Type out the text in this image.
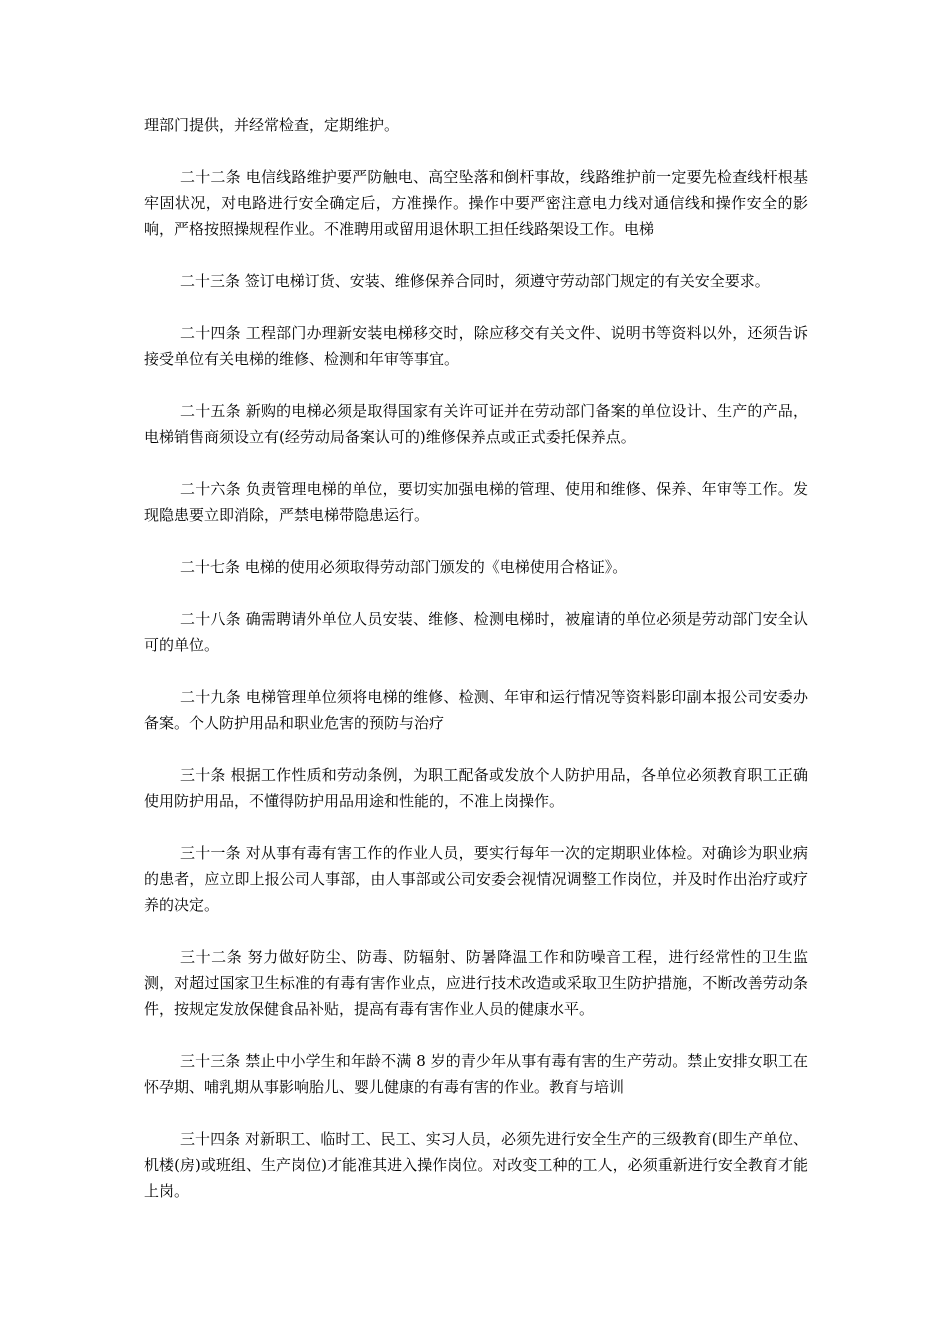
理部门提供，并经常检查，定期维护。

二十二条 电信线路维护要严防触电、高空坠落和倒杆事故，线路维护前一定要先检查线杆根基牢固状况，对电路进行安全确定后，方准操作。操作中要严密注意电力线对通信线和操作安全的影响，严格按照操规程作业。不准聘用或留用退休职工担任线路架设工作。电梯

二十三条 签订电梯订货、安装、维修保养合同时，须遵守劳动部门规定的有关安全要求。

二十四条 工程部门办理新安装电梯移交时，除应移交有关文件、说明书等资料以外，还须告诉接受单位有关电梯的维修、检测和年审等事宜。

二十五条 新购的电梯必须是取得国家有关许可证并在劳动部门备案的单位设计、生产的产品，电梯销售商须设立有(经劳动局备案认可的)维修保养点或正式委托保养点。

二十六条 负责管理电梯的单位，要切实加强电梯的管理、使用和维修、保养、年审等工作。发现隐患要立即消除，严禁电梯带隐患运行。

二十七条 电梯的使用必须取得劳动部门颁发的《电梯使用合格证》。

二十八条 确需聘请外单位人员安装、维修、检测电梯时，被雇请的单位必须是劳动部门安全认可的单位。

二十九条 电梯管理单位须将电梯的维修、检测、年审和运行情况等资料影印副本报公司安委办备案。个人防护用品和职业危害的预防与治疗

三十条 根据工作性质和劳动条例，为职工配备或发放个人防护用品，各单位必须教育职工正确使用防护用品，不懂得防护用品用途和性能的，不准上岗操作。

三十一条 对从事有毒有害工作的作业人员，要实行每年一次的定期职业体检。对确诊为职业病的患者，应立即上报公司人事部，由人事部或公司安委会视情况调整工作岗位，并及时作出治疗或疗养的决定。

三十二条 努力做好防尘、防毒、防辐射、防暑降温工作和防噪音工程，进行经常性的卫生监测，对超过国家卫生标准的有毒有害作业点，应进行技术改造或采取卫生防护措施，不断改善劳动条件，按规定发放保健食品补贴，提高有毒有害作业人员的健康水平。

三十三条 禁止中小学生和年龄不满 8 岁的青少年从事有毒有害的生产劳动。禁止安排女职工在怀孕期、哺乳期从事影响胎儿、婴儿健康的有毒有害的作业。教育与培训

三十四条 对新职工、临时工、民工、实习人员，必须先进行安全生产的三级教育(即生产单位、机楼(房)或班组、生产岗位)才能准其进入操作岗位。对改变工种的工人，必须重新进行安全教育才能上岗。
